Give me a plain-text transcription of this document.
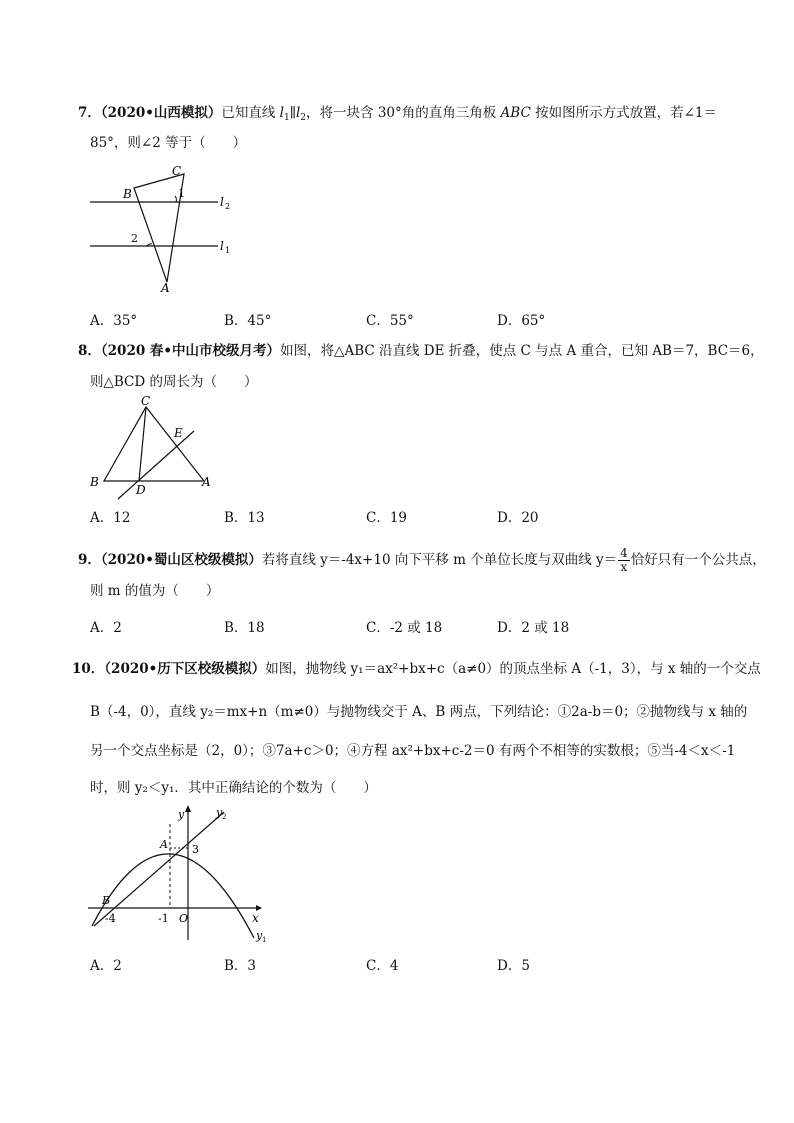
7．（2020•山西模拟）已知直线 $l_1\parallel l_2$，将一块含 30°角的直角三角板 ABC 按如图所示方式放置，若∠1＝
85°，则∠2 等于（　　）
C
B
A
1
2
l 2
l 1
A．35°	B．45°	C．55°	D．65°
8．（2020 春•中山市校级月考）如图，将△ABC 沿直线 DE 折叠，使点 C 与点 A 重合，已知 AB＝7，BC＝6，
则△BCD 的周长为（　　）
C
E
B
D
A
A．12	B．13	C．19	D．20
9．（2020•蜀山区校级模拟）若将直线 y＝-4x+10 向下平移 m 个单位长度与双曲线 $y= \frac{4}{x}$ 恰好只有一个公共点，
则 m 的值为（　　）
A．2	B．18	C．-2 或 18	D．2 或 18
10．（2020•历下区校级模拟）如图，抛物线 y₁＝ax²+bx+c（a≠0）的顶点坐标 A（-1，3），与 x 轴的一个交点
B（-4，0），直线 y₂＝mx+n（m≠0）与抛物线交于 A、B 两点，下列结论：①2a-b＝0；②抛物线与 x 轴的
另一个交点坐标是（2，0）；③7a+c＞0；④方程 ax²+bx+c-2＝0 有两个不相等的实数根；⑤当-4＜x＜-1
时，则 y₂＜y₁．其中正确结论的个数为（　　）
y	y 2
A 3
B
-4	-1 O	x
y 1
A．2	B．3	C．4	D．5
